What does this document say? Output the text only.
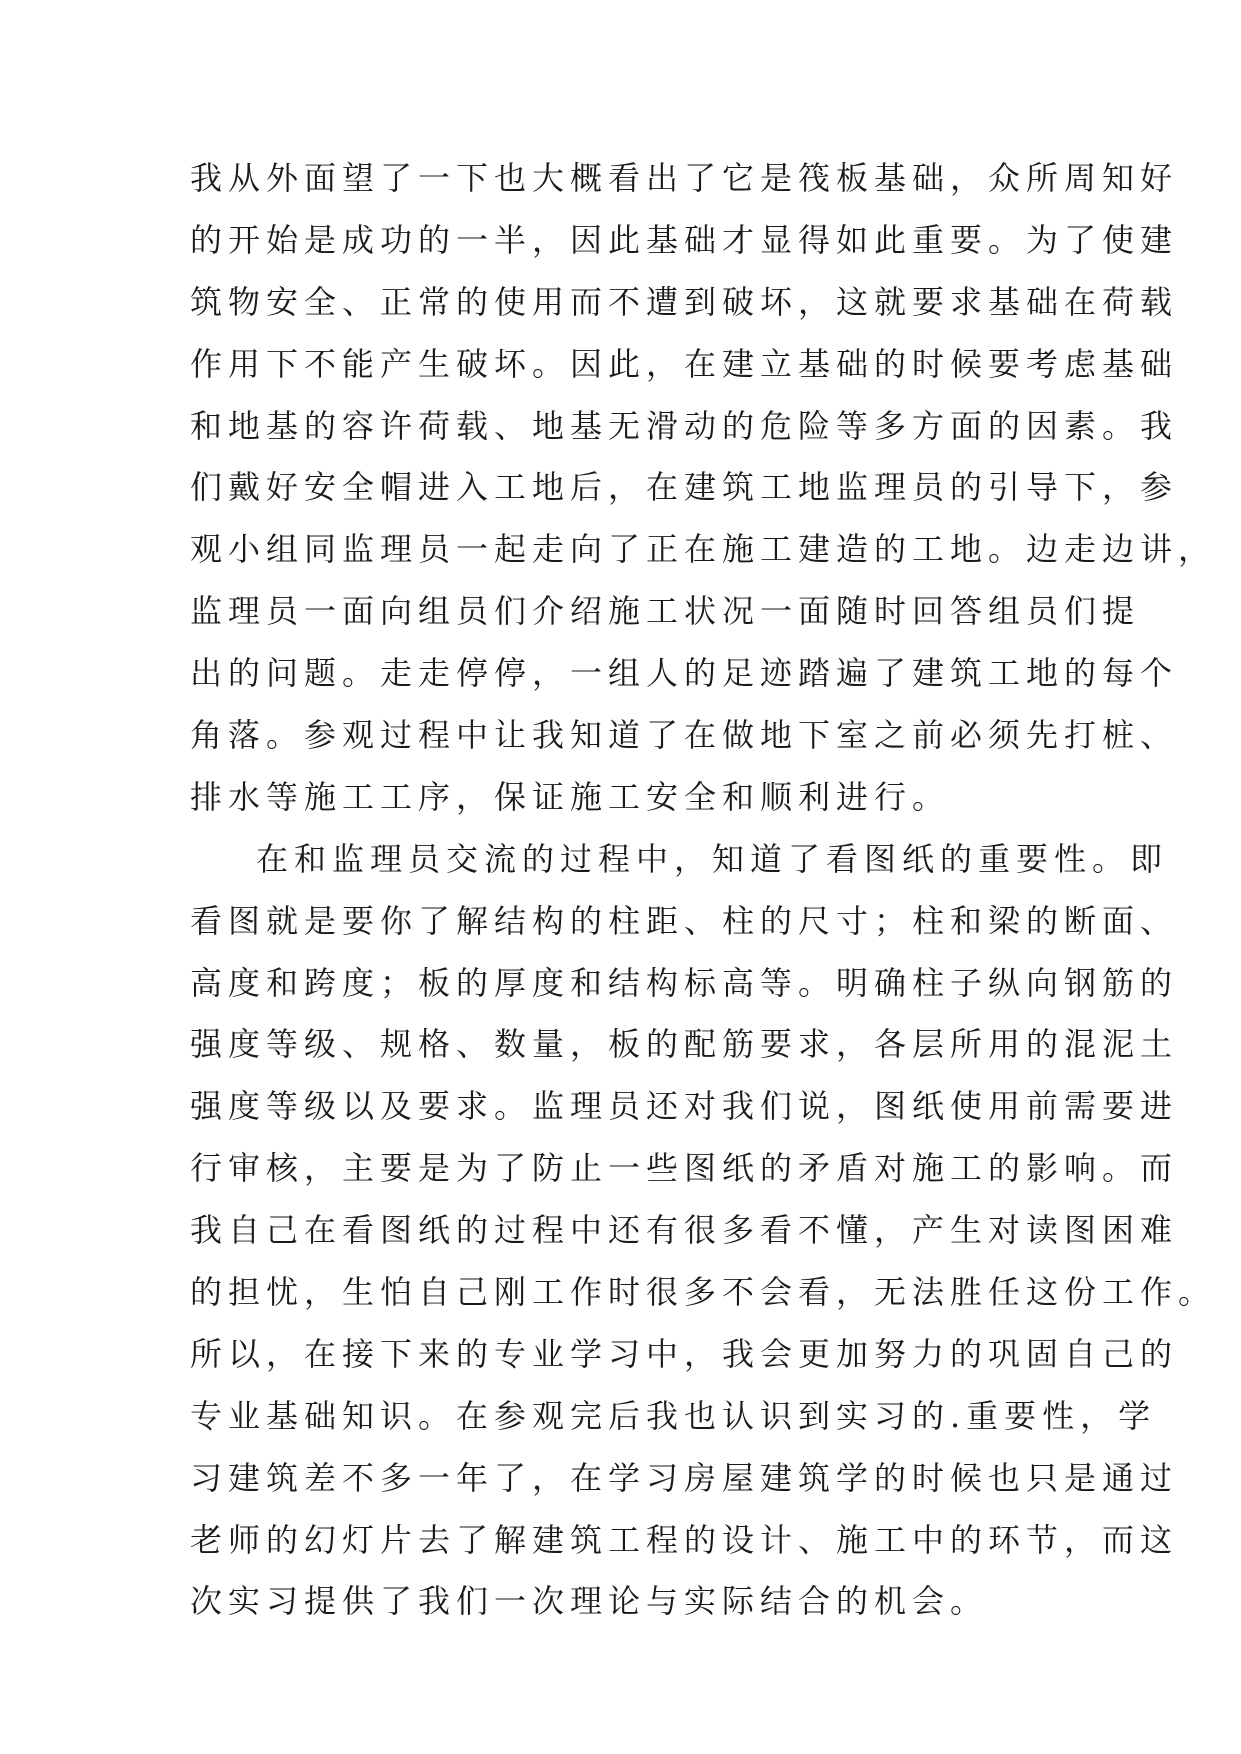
我从外面望了一下也大概看出了它是筏板基础，众所周知好
的开始是成功的一半，因此基础才显得如此重要。为了使建
筑物安全、正常的使用而不遭到破坏，这就要求基础在荷载
作用下不能产生破坏。因此，在建立基础的时候要考虑基础
和地基的容许荷载、地基无滑动的危险等多方面的因素。我
们戴好安全帽进入工地后，在建筑工地监理员的引导下，参
观小组同监理员一起走向了正在施工建造的工地。边走边讲，
监理员一面向组员们介绍施工状况一面随时回答组员们提
出的问题。走走停停，一组人的足迹踏遍了建筑工地的每个
角落。参观过程中让我知道了在做地下室之前必须先打桩、
排水等施工工序，保证施工安全和顺利进行。
在和监理员交流的过程中，知道了看图纸的重要性。即
看图就是要你了解结构的柱距、柱的尺寸；柱和梁的断面、
高度和跨度；板的厚度和结构标高等。明确柱子纵向钢筋的
强度等级、规格、数量，板的配筋要求，各层所用的混泥土
强度等级以及要求。监理员还对我们说，图纸使用前需要进
行审核，主要是为了防止一些图纸的矛盾对施工的影响。而
我自己在看图纸的过程中还有很多看不懂，产生对读图困难
的担忧，生怕自己刚工作时很多不会看，无法胜任这份工作。
所以，在接下来的专业学习中，我会更加努力的巩固自己的
专业基础知识。在参观完后我也认识到实习的.重要性，学
习建筑差不多一年了，在学习房屋建筑学的时候也只是通过
老师的幻灯片去了解建筑工程的设计、施工中的环节，而这
次实习提供了我们一次理论与实际结合的机会。
